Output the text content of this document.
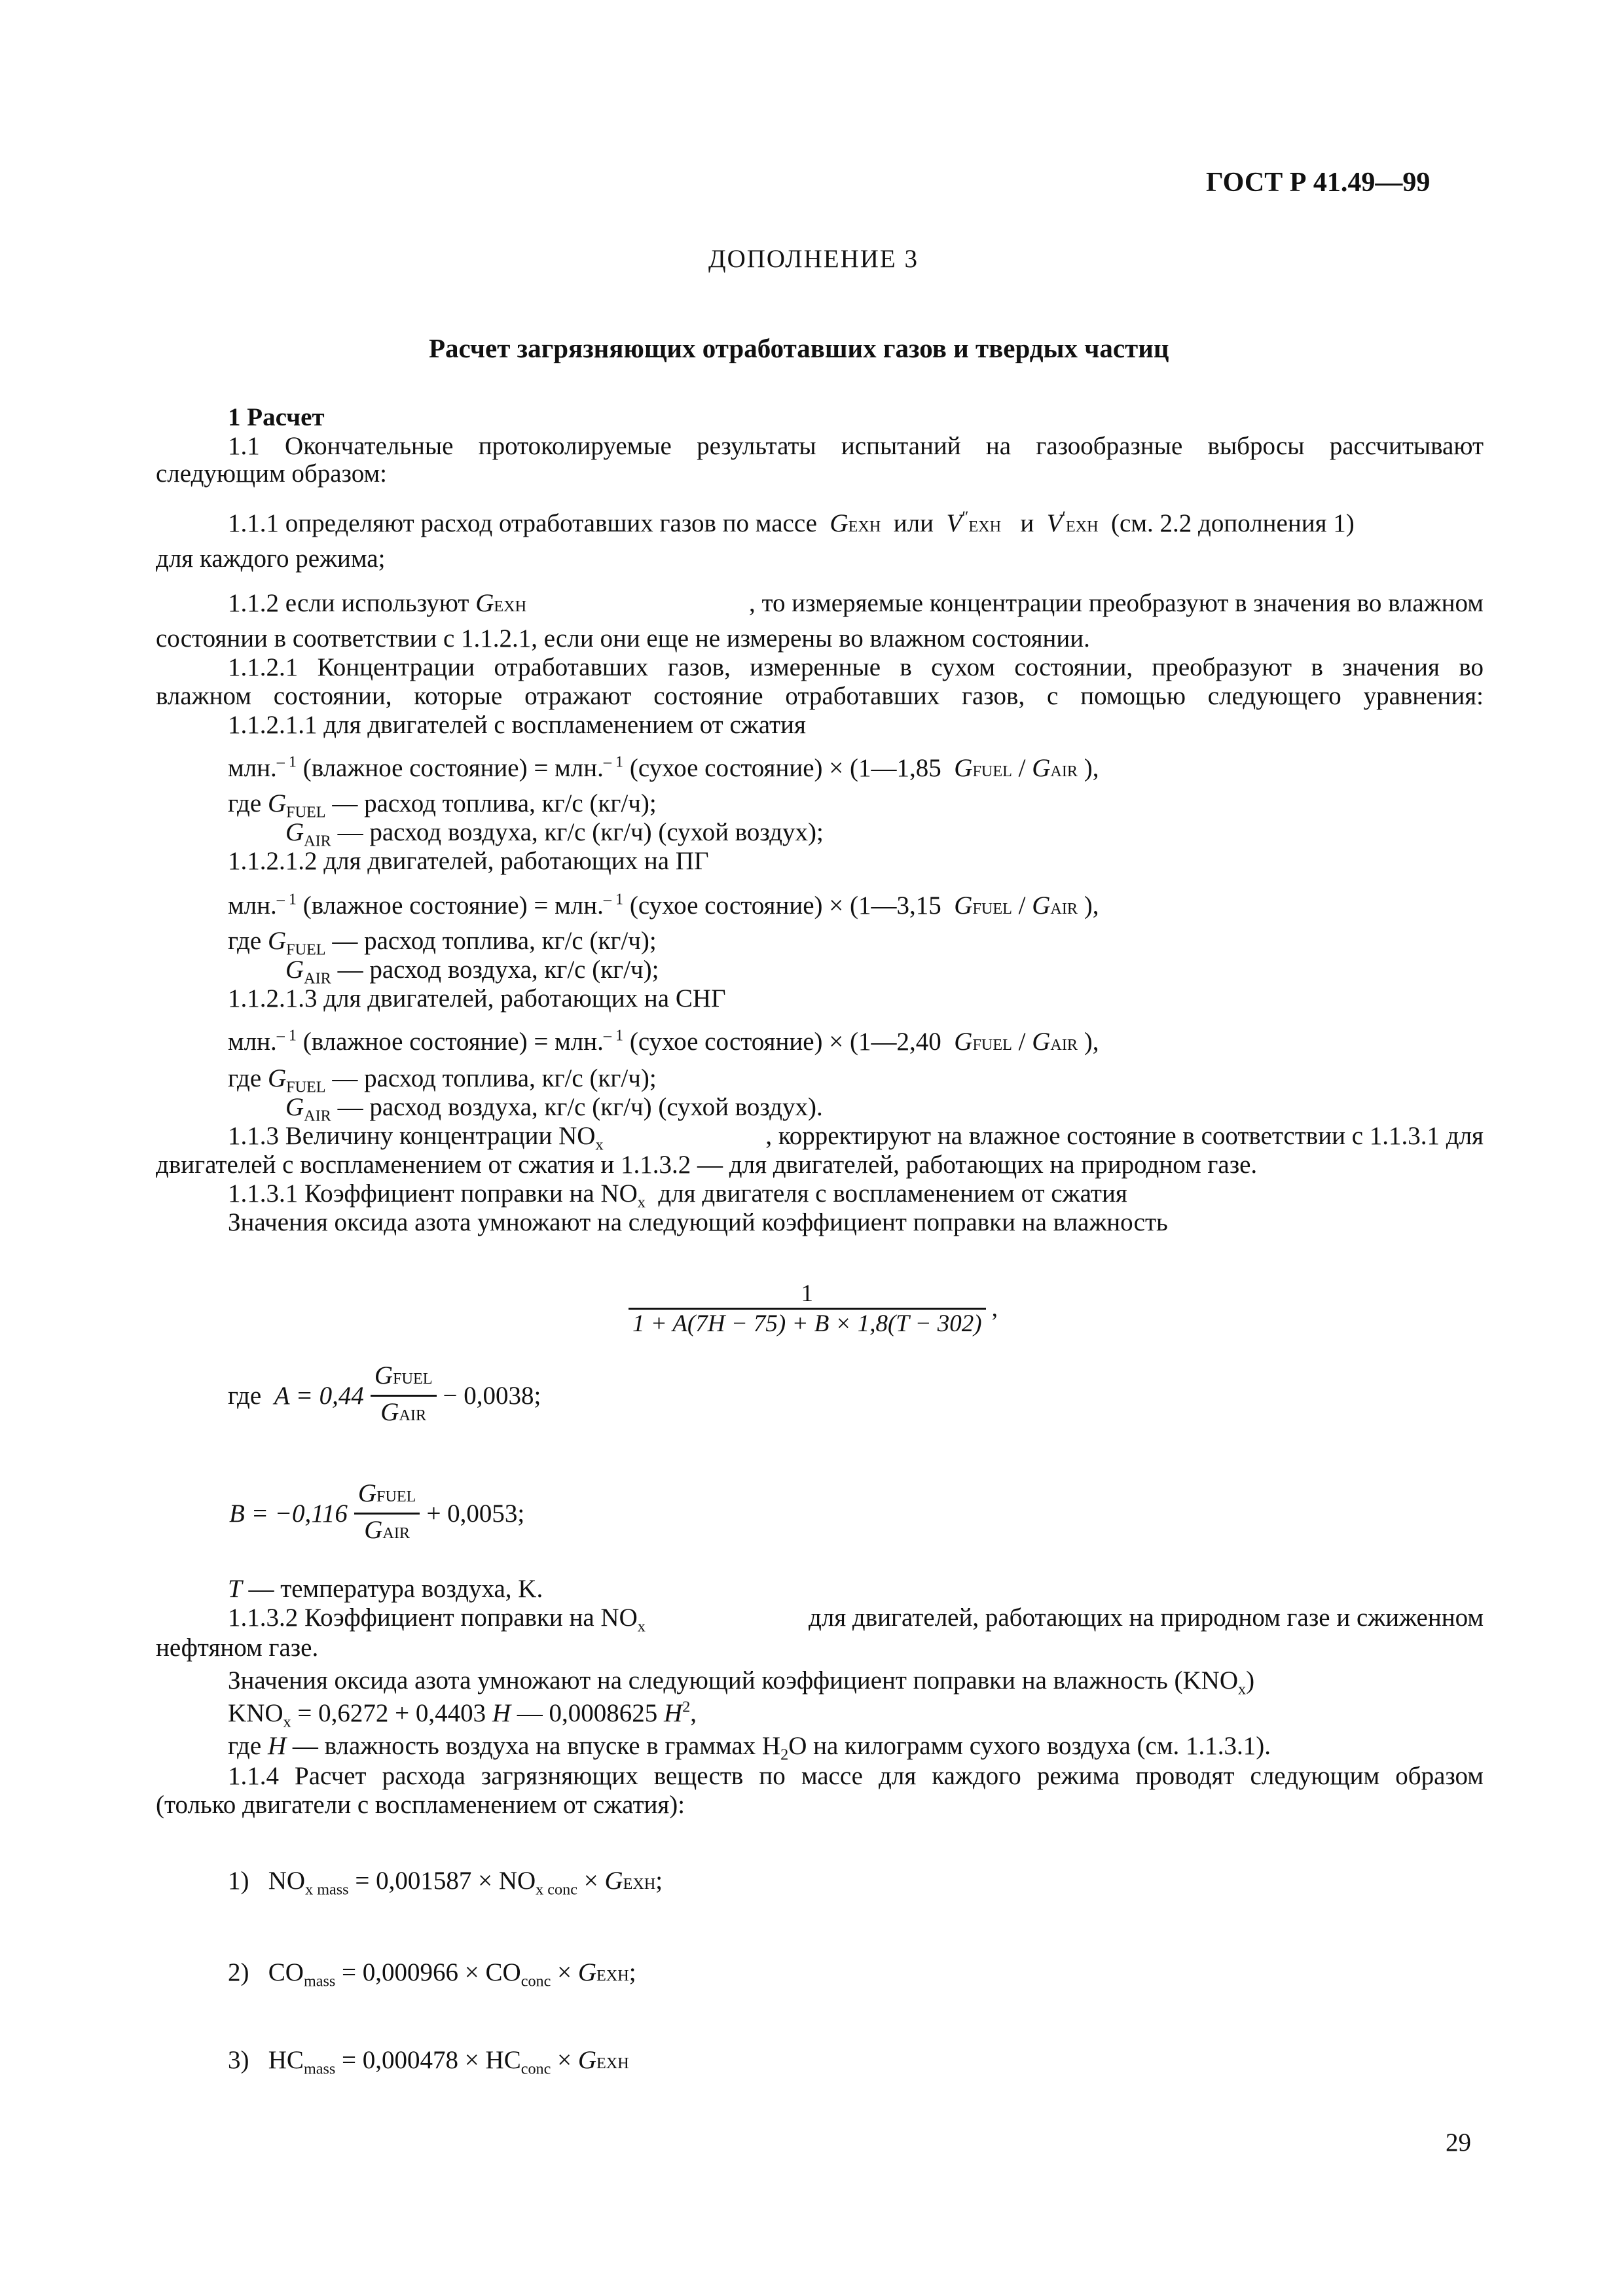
ГОСТ Р 41.49—99
ДОПОЛНЕНИЕ 3
Расчет загрязняющих отработавших газов и твердых частиц
1 Расчет
1.1 Окончательные протоколируемые результаты испытаний на газообразные выбросы рассчитывают
следующим образом:
1.1.1 определяют расход отработавших газов по массе GEXH или V″EXH и V′EXH (см. 2.2 дополнения 1)
для каждого режима;
1.1.2 если используют GEXH	, то измеряемые концентрации преобразуют в значения во влажном
состоянии в соответствии с 1.1.2.1, если они еще не измерены во влажном состоянии.
1.1.2.1 Концентрации отработавших газов, измеренные в сухом состоянии, преобразуют в значения во
влажном состоянии, которые отражают состояние отработавших газов, с помощью следующего уравнения:
1.1.2.1.1 для двигателей с воспламенением от сжатия
млн.$^{- 1}$ (влажное состояние) = млн.$^{- 1}$ (сухое состояние) × (1—1,85 GFUEL / GAIR ),
где $G_{FUEL}$ — расход топлива, кг/с (кг/ч);
$G_{AIR}$ — расход воздуха, кг/с (кг/ч) (сухой воздух);
1.1.2.1.2 для двигателей, работающих на ПГ
млн.$^{- 1}$ (влажное состояние) = млн.$^{- 1}$ (сухое состояние) × (1—3,15 GFUEL / GAIR ),
где $G_{FUEL}$ — расход топлива, кг/с (кг/ч);
$G_{AIR}$ — расход воздуха, кг/с (кг/ч);
1.1.2.1.3 для двигателей, работающих на СНГ
млн.$^{- 1}$ (влажное состояние) = млн.$^{- 1}$ (сухое состояние) × (1—2,40 GFUEL / GAIR ),
где $G_{FUEL}$ — расход топлива, кг/с (кг/ч);
$G_{AIR}$ — расход воздуха, кг/с (кг/ч) (сухой воздух).
1.1.3 Величину концентрации $NO_x$	, корректируют на влажное состояние в соответствии с 1.1.3.1 для
двигателей с воспламенением от сжатия и 1.1.3.2 — для двигателей, работающих на природном газе.
1.1.3.1 Коэффициент поправки на $NO_x$ для двигателя с воспламенением от сжатия
Значения оксида азота умножают на следующий коэффициент поправки на влажность
$\frac{1}{1 + A(7H - 75) + B \times 1,8(T - 302)}$ ,
где
$A = 0,44 \frac{\text{GFUEL}}{\text{GAIR}} - 0,0038$;
$B = -0,116 \frac{\text{GFUEL}}{\text{GAIR}} + 0,0053$;
T — температура воздуха, K.
1.1.3.2 Коэффициент поправки на $NO_x$	для двигателей, работающих на природном газе и сжиженном
нефтяном газе.
Значения оксида азота умножают на следующий коэффициент поправки на влажность $(KNO_x)$
$KNO_x = 0,6272 + 0,4403$ H — 0,0008625 $H^2$,
где H — влажность воздуха на впуске в граммах $H_2O$ на килограмм сухого воздуха (см. 1.1.3.1).
1.1.4 Расчет расхода загрязняющих веществ по массе для каждого режима проводят следующим образом
(только двигатели с воспламенением от сжатия):
1) $NO_{x mass} = 0,001587 \times NO_{x conc}$ × GEXH;
2) $CO_{mass} = 0,000966 \times CO_{conc}$ × GEXH;
3) $HC_{mass} = 0,000478 \times HC_{conc}$ × GEXH
29
